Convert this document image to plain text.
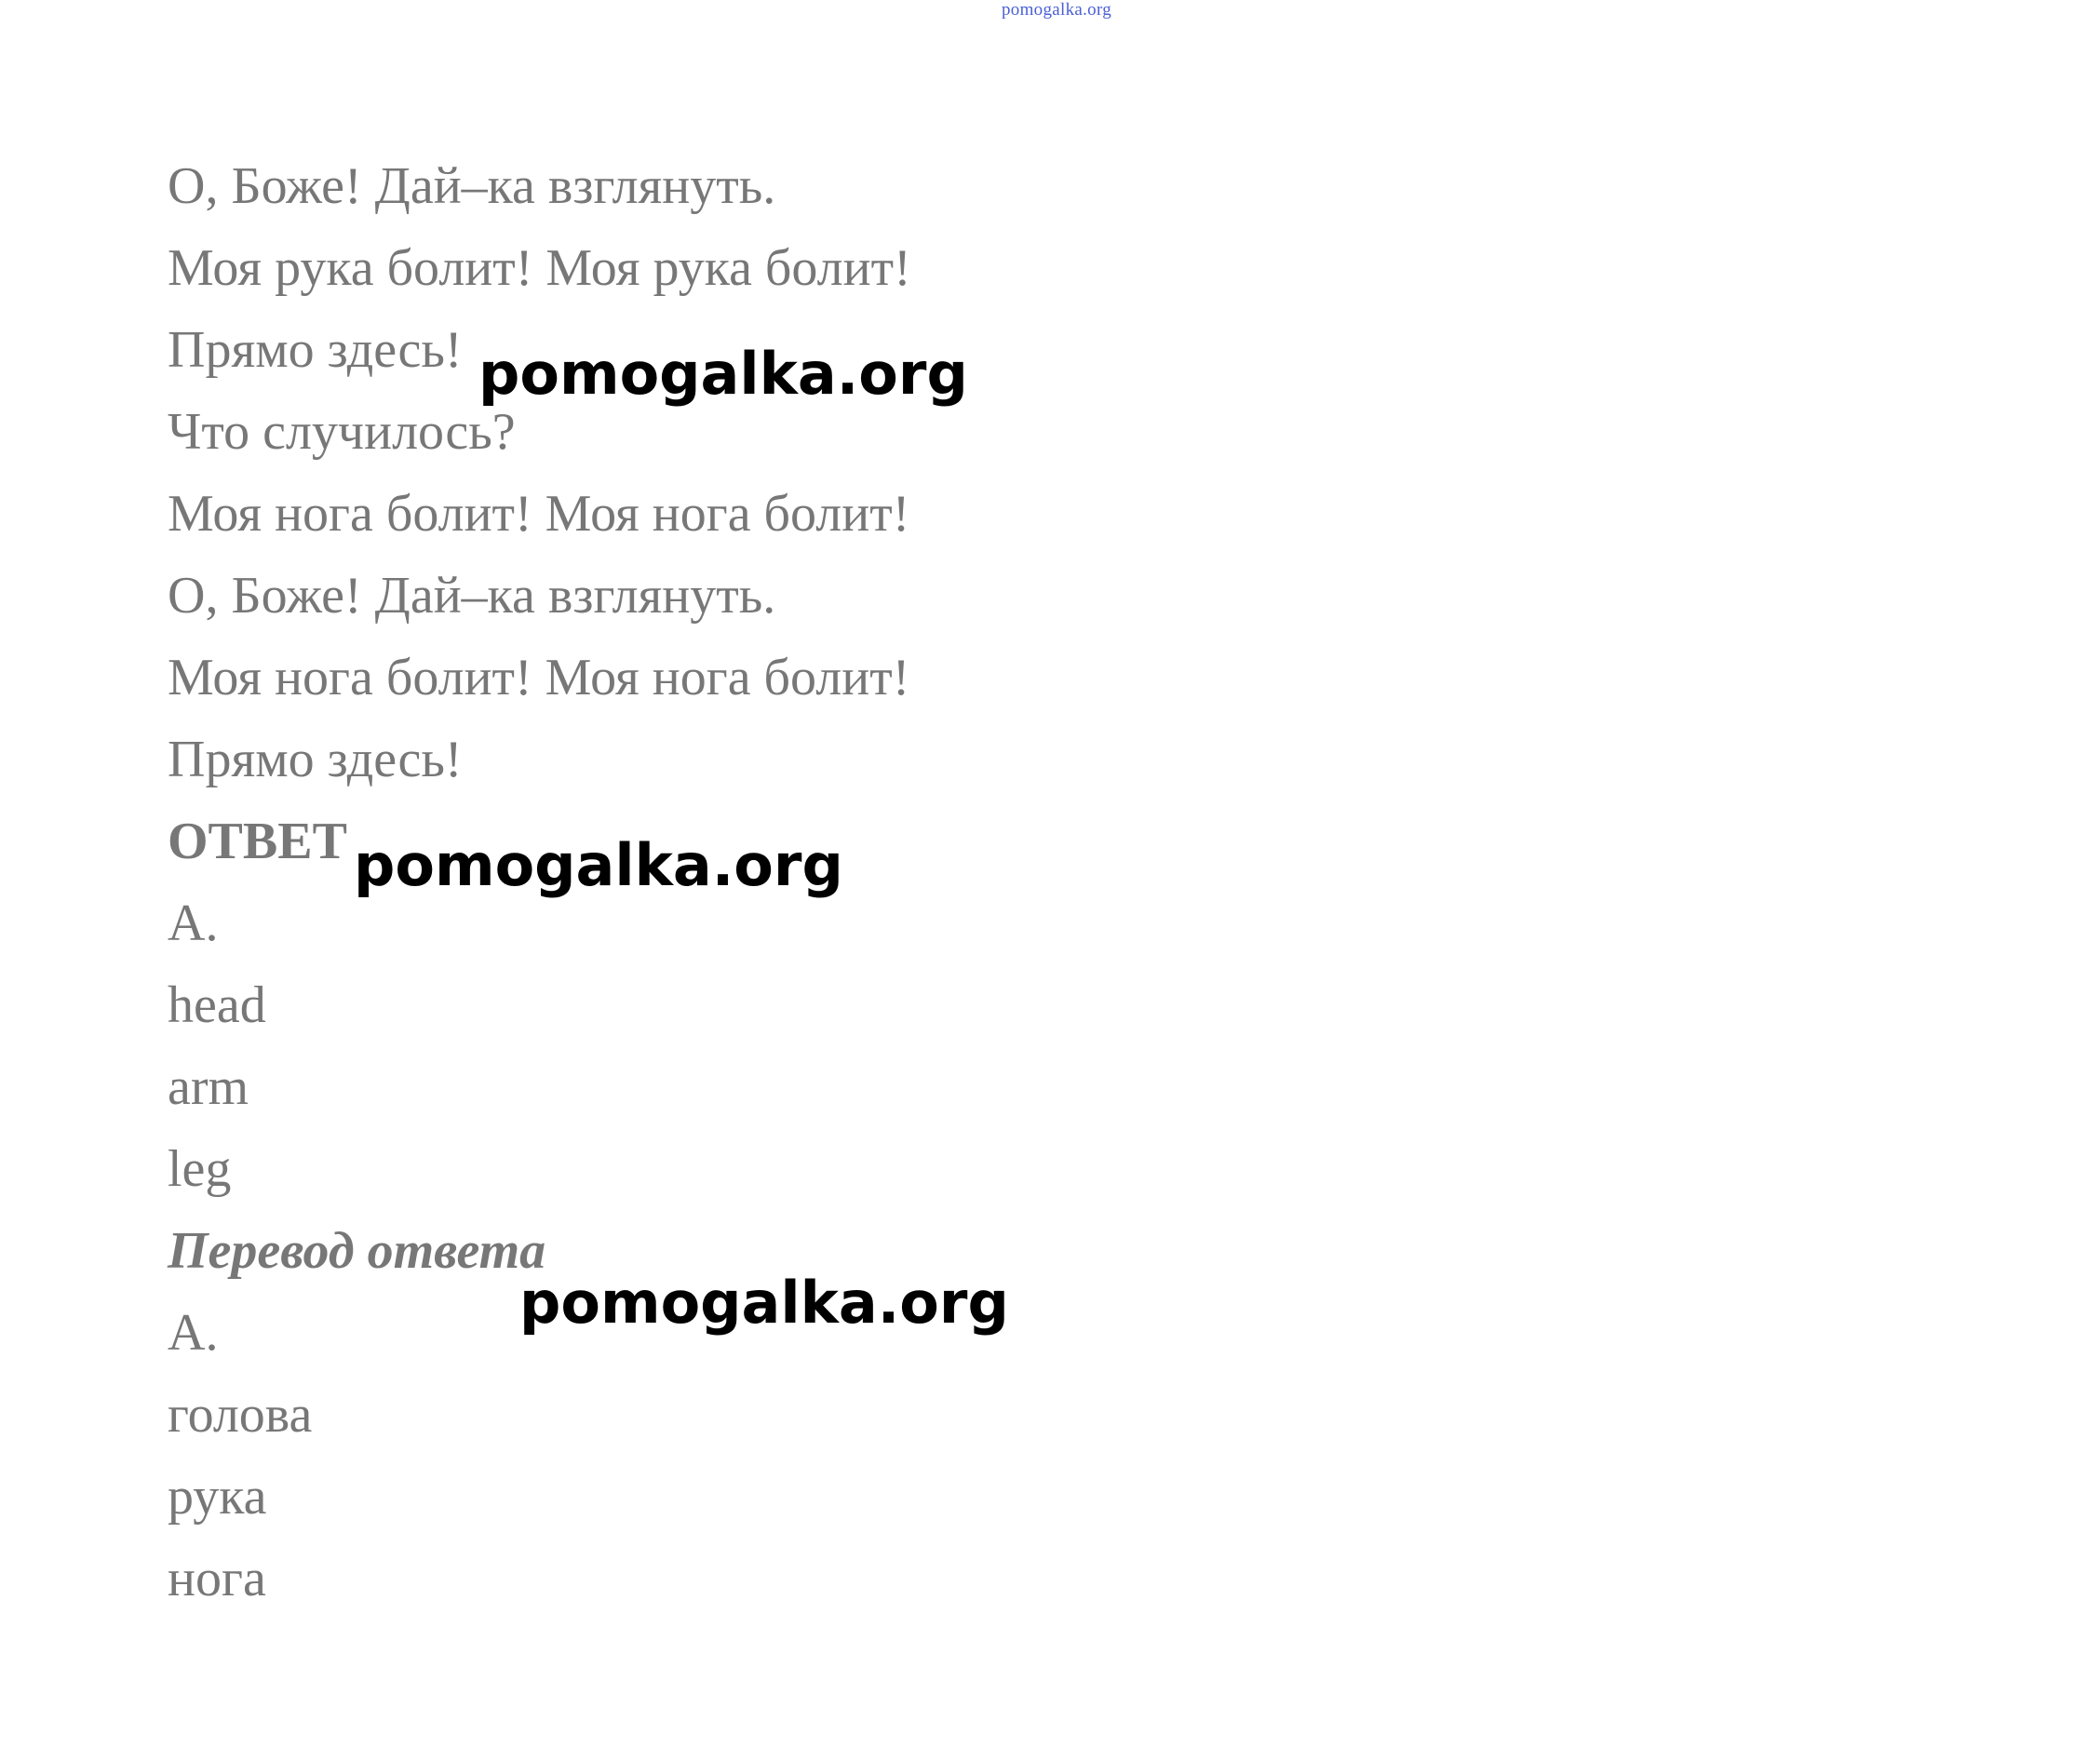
pomogalka.org
О, Боже! Дай–ка взглянуть.
Моя рука болит! Моя рука болит!
Прямо здесь!
Что случилось?
Моя нога болит! Моя нога болит!
О, Боже! Дай–ка взглянуть.
Моя нога болит! Моя нога болит!
Прямо здесь!
ОТВЕТ
A.
head
arm
leg
Перевод ответа
A.
голова
рука
нога
pomogalka.org
pomogalka.org
pomogalka.org
